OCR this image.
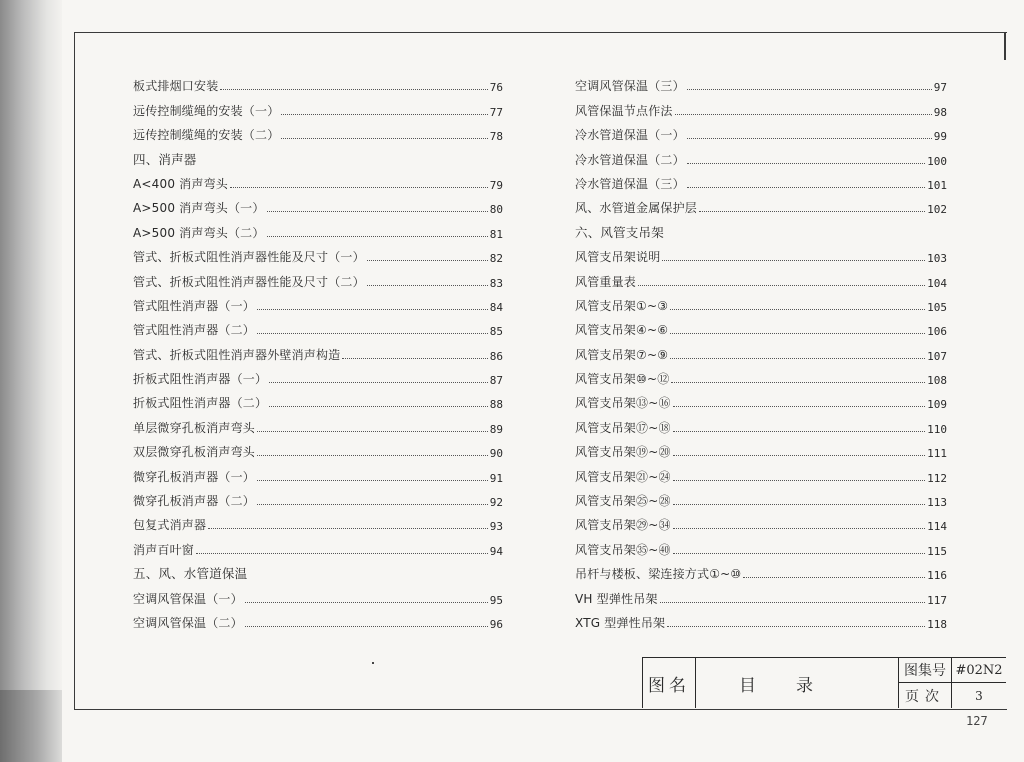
板式排烟口安装	76
远传控制缆绳的安装（一）	77
远传控制缆绳的安装（二）	78
四、消声器
A<400 消声弯头	79
A>500 消声弯头（一）	80
A>500 消声弯头（二）	81
管式、折板式阻性消声器性能及尺寸（一）	82
管式、折板式阻性消声器性能及尺寸（二）	83
管式阻性消声器（一）	84
管式阻性消声器（二）	85
管式、折板式阻性消声器外壁消声构造	86
折板式阻性消声器（一）	87
折板式阻性消声器（二）	88
单层微穿孔板消声弯头	89
双层微穿孔板消声弯头	90
微穿孔板消声器（一）	91
微穿孔板消声器（二）	92
包复式消声器	93
消声百叶窗	94
五、风、水管道保温
空调风管保温（一）	95
空调风管保温（二）	96
空调风管保温（三）	97
风管保温节点作法	98
冷水管道保温（一）	99
冷水管道保温（二）	100
冷水管道保温（三）	101
风、水管道金属保护层	102
六、风管支吊架
风管支吊架说明	103
风管重量表	104
风管支吊架①~③	105
风管支吊架④~⑥	106
风管支吊架⑦~⑨	107
风管支吊架⑩~⑫	108
风管支吊架⑬~⑯	109
风管支吊架⑰~⑱	110
风管支吊架⑲~⑳	111
风管支吊架㉑~㉔	112
风管支吊架㉕~㉘	113
风管支吊架㉙~㉞	114
风管支吊架㉟~㊵	115
吊杆与楼板、梁连接方式①~⑩	116
VH 型弹性吊架	117
XTG 型弹性吊架	118
图名	目录
图集号 #02N2
页次	3
127
